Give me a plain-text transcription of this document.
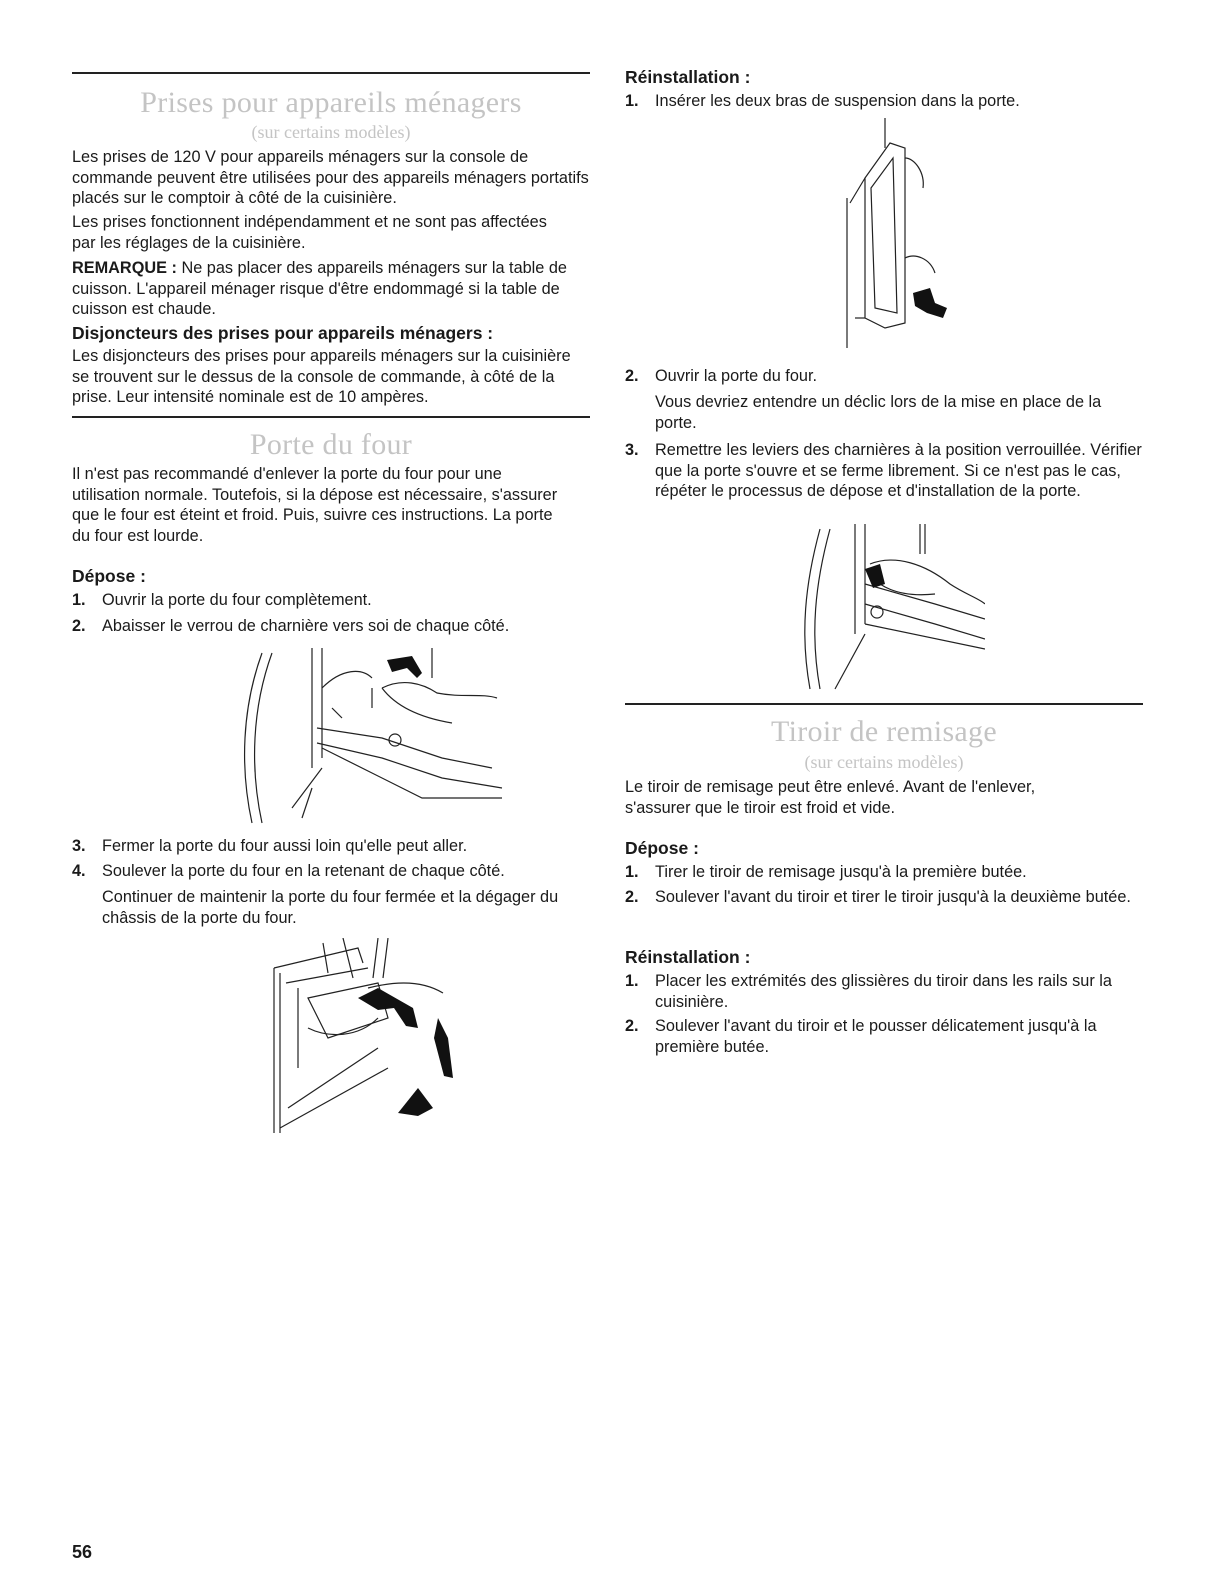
Prises pour appareils ménagers
(sur certains modèles)

Les prises de 120 V pour appareils ménagers sur la console de commande peuvent être utilisées pour des appareils ménagers portatifs placés sur le comptoir à côté de la cuisinière.

Les prises fonctionnent indépendamment et ne sont pas affectées par les réglages de la cuisinière.

REMARQUE : Ne pas placer des appareils ménagers sur la table de cuisson. L'appareil ménager risque d'être endommagé si la table de cuisson est chaude.

Disjoncteurs des prises pour appareils ménagers :

Les disjoncteurs des prises pour appareils ménagers sur la cuisinière se trouvent sur le dessus de la console de commande, à côté de la prise. Leur intensité nominale est de 10 ampères.

Porte du four

Il n'est pas recommandé d'enlever la porte du four pour une utilisation normale. Toutefois, si la dépose est nécessaire, s'assurer que le four est éteint et froid. Puis, suivre ces instructions. La porte du four est lourde.

Dépose :
1. Ouvrir la porte du four complètement.
2. Abaisser le verrou de charnière vers soi de chaque côté.
3. Fermer la porte du four aussi loin qu'elle peut aller.
4. Soulever la porte du four en la retenant de chaque côté.

Continuer de maintenir la porte du four fermée et la dégager du châssis de la porte du four.

Réinstallation :
1. Insérer les deux bras de suspension dans la porte.
2. Ouvrir la porte du four.

Vous devriez entendre un déclic lors de la mise en place de la porte.

3. Remettre les leviers des charnières à la position verrouillée. Vérifier que la porte s'ouvre et se ferme librement. Si ce n'est pas le cas, répéter le processus de dépose et d'installation de la porte.
Tiroir de remisage
(sur certains modèles)

Le tiroir de remisage peut être enlevé. Avant de l'enlever, s'assurer que le tiroir est froid et vide.

Dépose :
1. Tirer le tiroir de remisage jusqu'à la première butée.
2. Soulever l'avant du tiroir et tirer le tiroir jusqu'à la deuxième butée.
Réinstallation :
1. Placer les extrémités des glissières du tiroir dans les rails sur la cuisinière.
2. Soulever l'avant du tiroir et le pousser délicatement jusqu'à la première butée.
56
